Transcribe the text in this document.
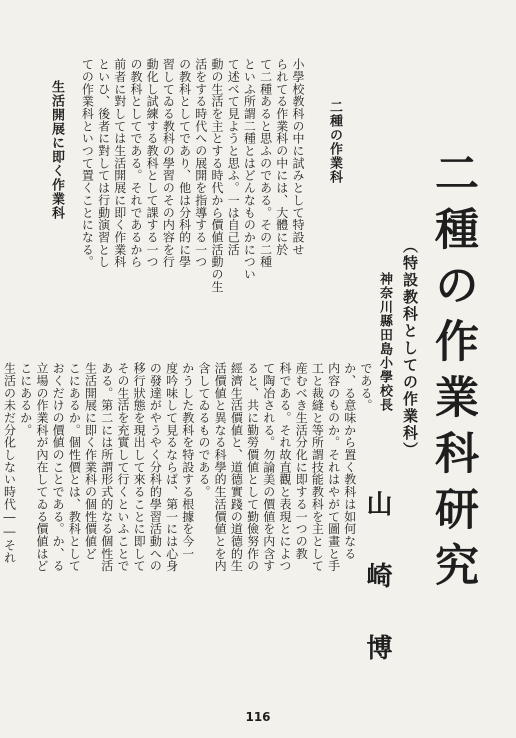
二種の作業科研究
（特設教科としての作業科）
神奈川縣田島小學校長
山崎博
二種の作業科
小學校教科の中に試みとして特設せ
られてる作業科の中には、大體に於
て二種あると思ふのである。その二種
といふ所謂二種とはどんなものかについ
て述べて見ようと思ふ。一は自己活
動の生活を主とする時代から價値活動の生
活をする時代への展開を指導する一つ
の教科としてであり、他は分科的に學
習してゐる教科の學習のその内容を行
動化し試練する教科として課する一つ
の教科としてである。それであるから
前者に對しては生活開展に即く作業科
といひ、後者に對しては行動演習とし
ての作業科といつて置くことになる。
生活開展に即く作業科
である。
か、る意味から置く教科は如何なる
内容のものか。それはやがて圖畫と手
工と裁縫と等所謂技能教科を主として
産むべき生活分化に即する一つの教
科である。それ故直觀と表現とによつ
て陶冶される。勿論美の價値を内含す
ると、共に勤勞價値として勤儉努作の
經濟生活價値と、道德實踐の道德的生
活價値と異なる科學的生活價値とを内
含してゐるものである。
かうした教科を特設する根據を今一
度吟味して見るならば、第一には心身
の發達がやうやく分科的學習活動への
移行狀態を現出して來ることに即して
その生活を充實して行くといふことで
ある。第二には所謂形式的なる個性活
生活開展に即く作業科の個性價値ど
こにあるか。個性價とは、教科として
おくだけの價値のことである。か、る
立場の作業科が內在してゐる價値はど
こにあるか。
生活の未だ分化しない時代――それ
116
